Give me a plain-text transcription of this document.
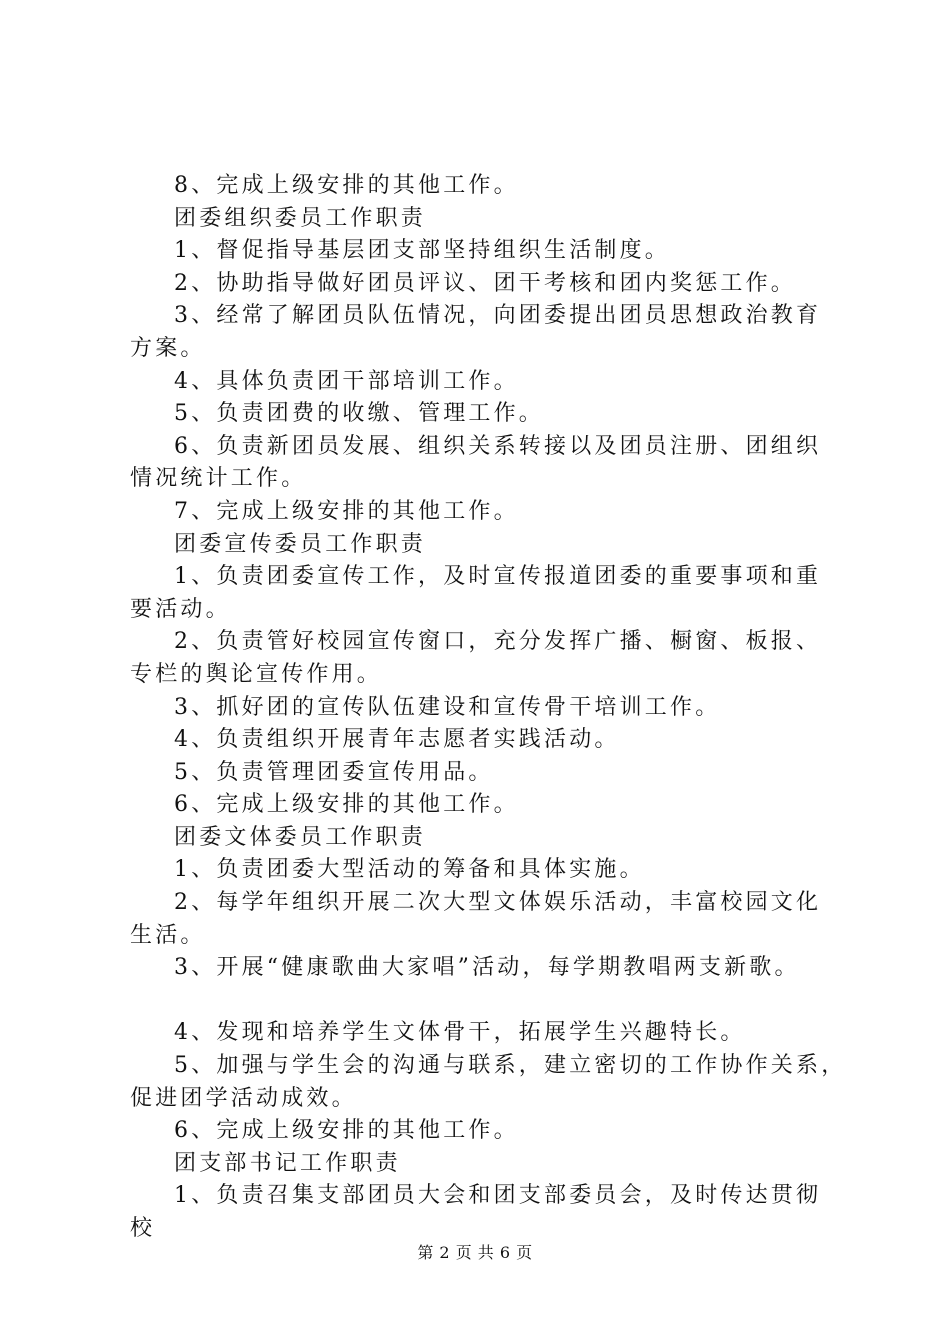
8、完成上级安排的其他工作。
团委组织委员工作职责
1、督促指导基层团支部坚持组织生活制度。
2、协助指导做好团员评议、团干考核和团内奖惩工作。
3、经常了解团员队伍情况，向团委提出团员思想政治教育
方案。
4、具体负责团干部培训工作。
5、负责团费的收缴、管理工作。
6、负责新团员发展、组织关系转接以及团员注册、团组织
情况统计工作。
7、完成上级安排的其他工作。
团委宣传委员工作职责
1、负责团委宣传工作，及时宣传报道团委的重要事项和重
要活动。
2、负责管好校园宣传窗口，充分发挥广播、橱窗、板报、
专栏的舆论宣传作用。
3、抓好团的宣传队伍建设和宣传骨干培训工作。
4、负责组织开展青年志愿者实践活动。
5、负责管理团委宣传用品。
6、完成上级安排的其他工作。
团委文体委员工作职责
1、负责团委大型活动的筹备和具体实施。
2、每学年组织开展二次大型文体娱乐活动，丰富校园文化
生活。
3、开展“健康歌曲大家唱”活动，每学期教唱两支新歌。
4、发现和培养学生文体骨干，拓展学生兴趣特长。
5、加强与学生会的沟通与联系，建立密切的工作协作关系，
促进团学活动成效。
6、完成上级安排的其他工作。
团支部书记工作职责
1、负责召集支部团员大会和团支部委员会，及时传达贯彻
校
第 2 页 共 6 页
